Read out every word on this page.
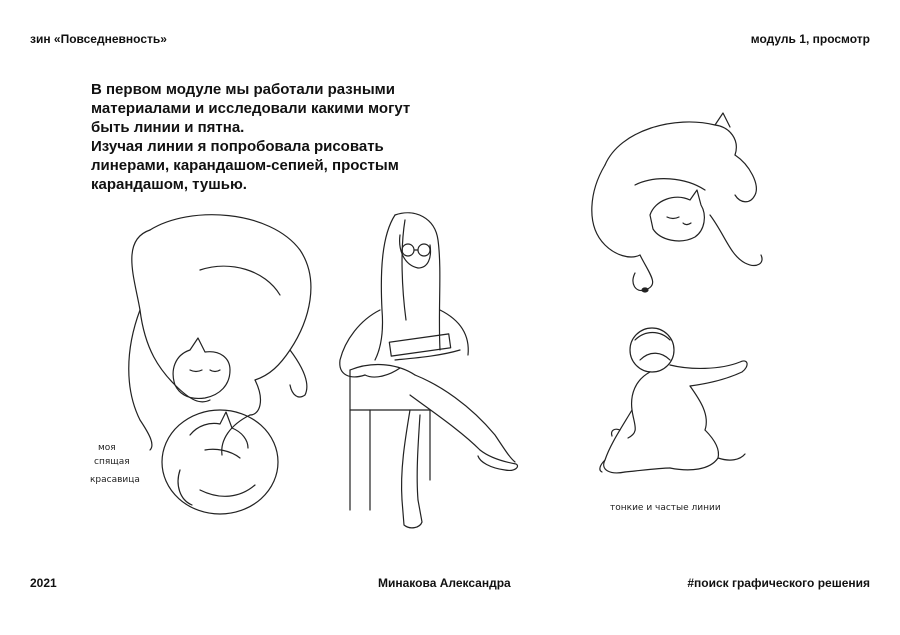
зин «Повседневность»	модуль 1, просмотр

В первом модуле мы работали разными

материалами и исследовали какими могут

быть линии и пятна.

Изучая линии я попробовала рисовать

линерами, карандашом-сепией, простым

карандашом, тушью.

моя
спящая
красавица
тонкие и частые линии
2021	Минакова Александра	#поиск графического решения
